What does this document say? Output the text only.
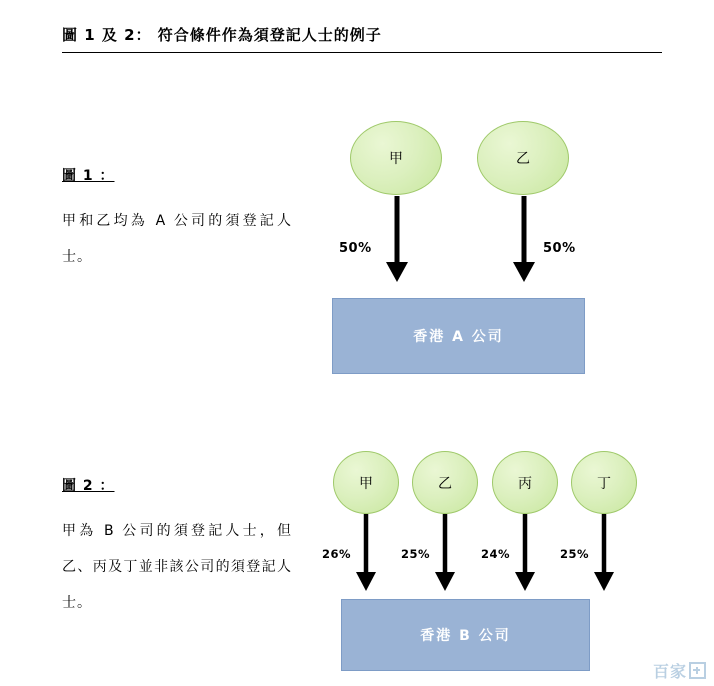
圖 1 及 2： 符合條件作為須登記人士的例子
圖 1 ：
甲和乙均為 A 公司的須登記人士。
甲	乙
50%	50%
香港 A 公司
圖 2 ：
甲為 B 公司的須登記人士，但乙、丙及丁並非該公司的須登記人士。
甲	乙	丙	丁
26%	25%	24%	25%
香港 B 公司
百家
